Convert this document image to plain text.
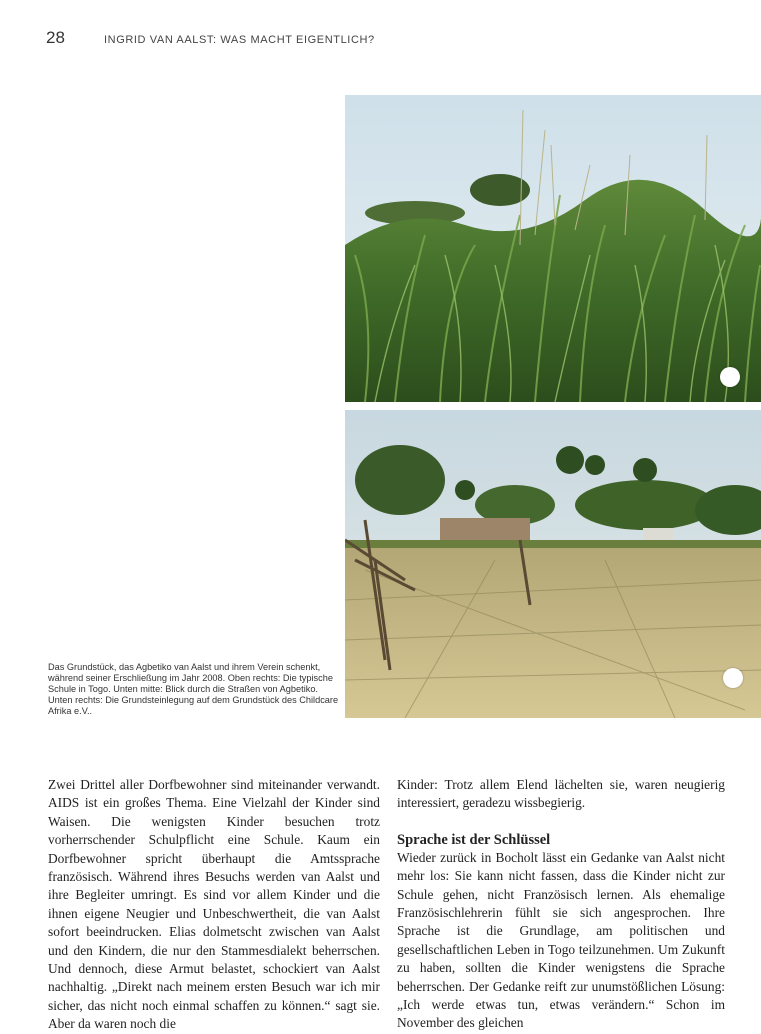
28	INGRID VAN AALST: WAS MACHT EIGENTLICH?
Das Grundstück, das Agbetiko van Aalst und ihrem Verein schenkt, während seiner Erschließung im Jahr 2008. Oben rechts: Die typische Schule in Togo. Unten mitte: Blick durch die Straßen von Agbetiko. Unten rechts: Die Grundsteinlegung auf dem Grundstück des Childcare Afrika e.V..

Zwei Drittel aller Dorfbewohner sind miteinander verwandt. AIDS ist ein großes Thema. Eine Vielzahl der Kinder sind Waisen. Die wenigsten Kinder besuchen trotz vorherrschender Schulpflicht eine Schule. Kaum ein Dorfbewohner spricht überhaupt die Amtssprache französisch. Während ihres Besuchs werden van Aalst und ihre Begleiter umringt. Es sind vor allem Kinder und die ihnen eigene Neugier und Unbeschwertheit, die van Aalst sofort beeindrucken. Elias dolmetscht zwischen van Aalst und den Kindern, die nur den Stammesdialekt beherrschen. Und dennoch, diese Armut belastet, schockiert van Aalst nachhaltig. „Direkt nach meinem ersten Besuch war ich mir sicher, das nicht noch einmal schaffen zu können.“ sagt sie. Aber da waren noch die

Kinder: Trotz allem Elend lächelten sie, waren neugierig interessiert, geradezu wissbegierig.

Sprache ist der Schlüssel

Wieder zurück in Bocholt lässt ein Gedanke van Aalst nicht mehr los: Sie kann nicht fassen, dass die Kinder nicht zur Schule gehen, nicht Französisch lernen. Als ehemalige Französischlehrerin fühlt sie sich angesprochen. Ihre Sprache ist die Grundlage, am politischen und gesellschaftlichen Leben in Togo teilzunehmen. Um Zukunft zu haben, sollten die Kinder wenigstens die Sprache beherrschen. Der Gedanke reift zur unumstößlichen Lösung: „Ich werde etwas tun, etwas verändern.“ Schon im November des gleichen
